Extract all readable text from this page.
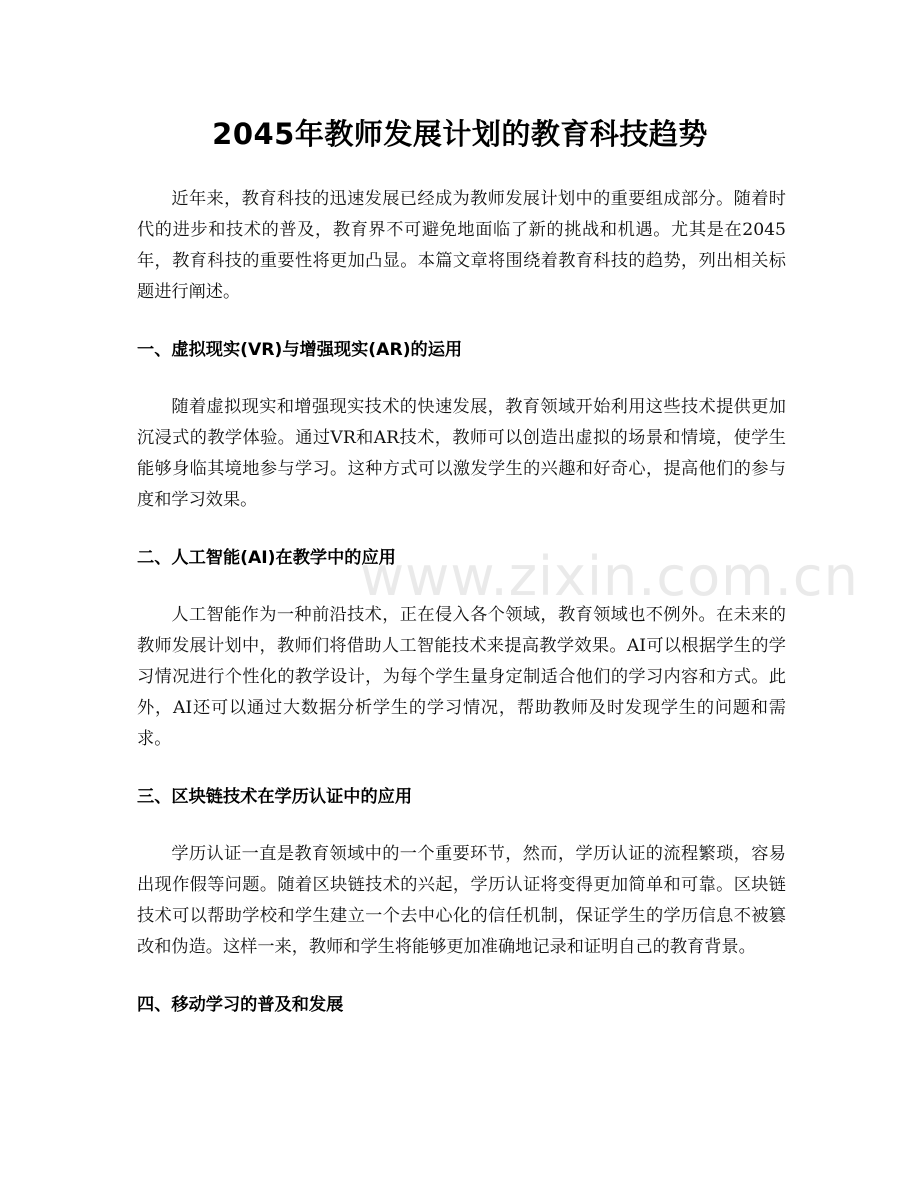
2045年教师发展计划的教育科技趋势

近年来，教育科技的迅速发展已经成为教师发展计划中的重要组成部分。随着时代的进步和技术的普及，教育界不可避免地面临了新的挑战和机遇。尤其是在2045年，教育科技的重要性将更加凸显。本篇文章将围绕着教育科技的趋势，列出相关标题进行阐述。

一、虚拟现实(VR)与增强现实(AR)的运用

随着虚拟现实和增强现实技术的快速发展，教育领域开始利用这些技术提供更加沉浸式的教学体验。通过VR和AR技术，教师可以创造出虚拟的场景和情境，使学生能够身临其境地参与学习。这种方式可以激发学生的兴趣和好奇心，提高他们的参与度和学习效果。

二、人工智能(AI)在教学中的应用

人工智能作为一种前沿技术，正在侵入各个领域，教育领域也不例外。在未来的教师发展计划中，教师们将借助人工智能技术来提高教学效果。AI可以根据学生的学习情况进行个性化的教学设计，为每个学生量身定制适合他们的学习内容和方式。此外，AI还可以通过大数据分析学生的学习情况，帮助教师及时发现学生的问题和需求。

三、区块链技术在学历认证中的应用

学历认证一直是教育领域中的一个重要环节，然而，学历认证的流程繁琐，容易出现作假等问题。随着区块链技术的兴起，学历认证将变得更加简单和可靠。区块链技术可以帮助学校和学生建立一个去中心化的信任机制，保证学生的学历信息不被篡改和伪造。这样一来，教师和学生将能够更加准确地记录和证明自己的教育背景。

四、移动学习的普及和发展
www.zixin.com.cn
